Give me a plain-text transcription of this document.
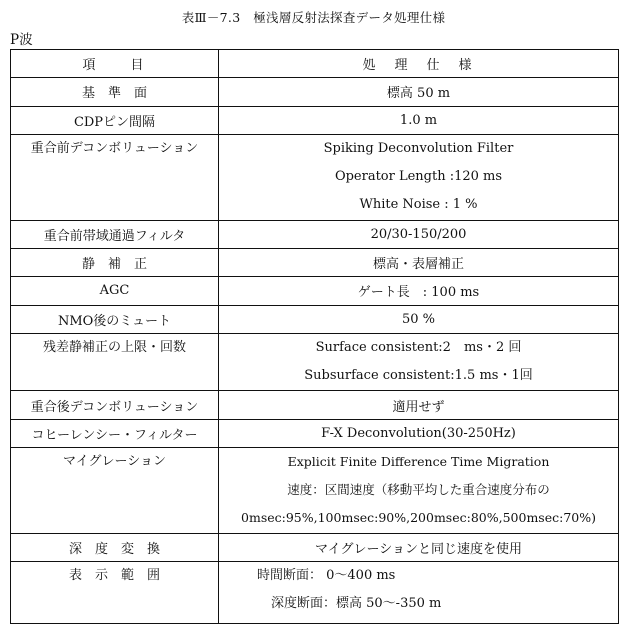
表Ⅲ－7.3　極浅層反射法探査データ処理仕様
P波
項　　目	処　理　仕　様
基　準　面	標高 50 m
CDPピン間隔	1.0 m

重合前デコンボリューション	Spiking Deconvolution Filter
Operator Length :120 ms
White Noise : 1 %

重合前帯域通過フィルタ	20/30-150/200
静　補　正	標高・表層補正
AGC	ゲート長　: 100 ms
NMO後のミュート	50 %

残差静補正の上限・回数	Surface consistent:2　ms・2 回
Subsurface consistent:1.5 ms・1回

重合後デコンボリューション	適用せず
コヒーレンシー・フィルター	F-X Deconvolution(30-250Hz)

マイグレーション	Explicit Finite Difference Time Migration
速度：区間速度（移動平均した重合速度分布の
0msec:95%,100msec:90%,200msec:80%,500msec:70%)

深　度　変　換	マイグレーションと同じ速度を使用

表　示　範　囲	時間断面： 0～400 ms
深度断面：標高 50～-350 m
